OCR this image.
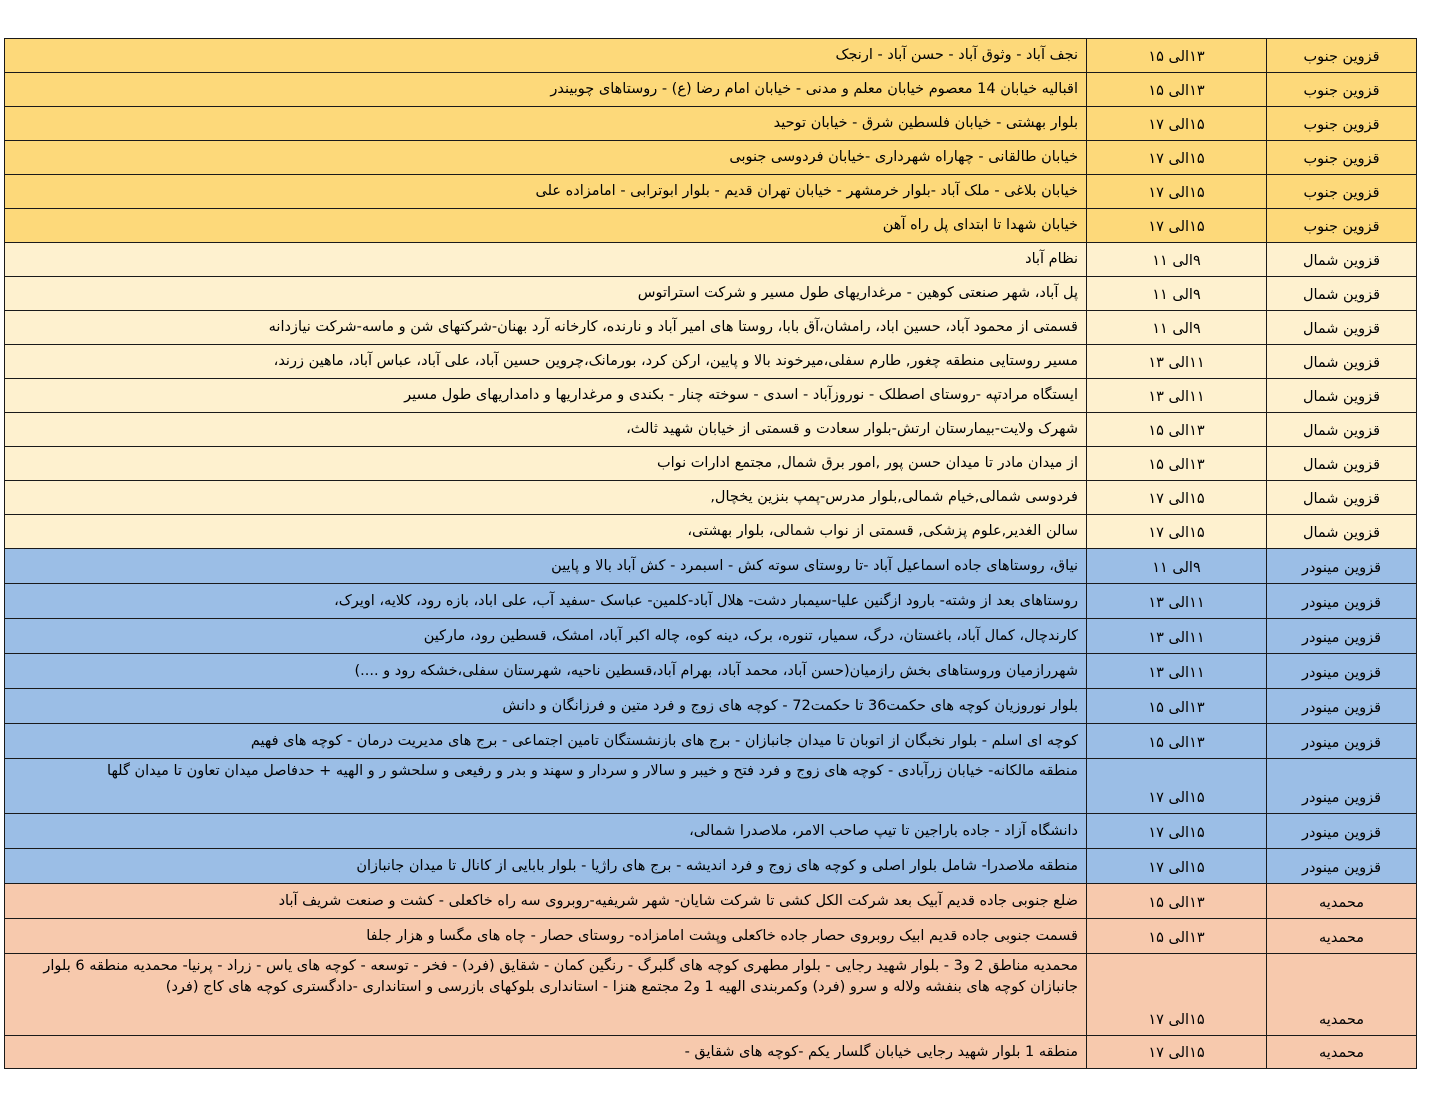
قزوین جنوب	۱۳الی ۱۵	نجف آباد - وثوق آباد - حسن آباد - ارنجک
قزوین جنوب	۱۳الی ۱۵	اقبالیه خیابان 14 معصوم خیابان معلم و مدنی - خیابان امام رضا (ع) - روستاهای چوبیندر
قزوین جنوب	۱۵الی ۱۷	بلوار بهشتی - خیابان فلسطین شرق - خیابان توحید
قزوین جنوب	۱۵الی ۱۷	خیابان طالقانی - چهاراه شهرداری -خیابان فردوسی جنوبی
قزوین جنوب	۱۵الی ۱۷	خیابان بلاغی - ملک آباد -بلوار خرمشهر - خیابان تهران قدیم - بلوار ابوترابی - امامزاده علی
قزوین جنوب	۱۵الی ۱۷	خیابان شهدا تا ابتدای پل راه آهن
قزوین شمال	۹الی ۱۱	نظام آباد
قزوین شمال	۹الی ۱۱	پل آباد، شهر صنعتی کوهین - مرغداریهای طول مسیر و شرکت استراتوس
قزوین شمال	۹الی ۱۱	قسمتی از محمود آباد، حسین اباد، رامشان،آق بابا، روستا های امیر آباد و نارنده، کارخانه آرد بهنان-شرکتهای شن و ماسه-شرکت نیازدانه
قزوین شمال	۱۱الی ۱۳	مسیر روستایی منطقه چغور, طارم سفلی،میرخوند بالا و پایین، ارکن کرد، بورمانک،چروین حسین آباد، علی آباد، عباس آباد، ماهین زرند،
قزوین شمال	۱۱الی ۱۳	ایستگاه مرادتپه -روستای اصطلک - نوروزآباد - اسدی - سوخته چنار - بکندی و مرغداریها و دامداریهای طول مسیر
قزوین شمال	۱۳الی ۱۵	شهرک ولایت-بیمارستان ارتش-بلوار سعادت و قسمتی از خیابان شهید ثالث،
قزوین شمال	۱۳الی ۱۵	از میدان مادر تا میدان حسن پور ,امور برق شمال, مجتمع ادارات نواب
قزوین شمال	۱۵الی ۱۷	فردوسی شمالی,خیام شمالی,بلوار مدرس-پمپ بنزین یخچال,
قزوین شمال	۱۵الی ۱۷	سالن الغدیر,علوم پزشکی, قسمتی از نواب شمالی، بلوار بهشتی،
قزوین مینودر	۹الی ۱۱	نیاق، روستاهای جاده اسماعیل آباد -تا روستای سوته کش - اسبمرد - کش آباد بالا و پایین
قزوین مینودر	۱۱الی ۱۳	روستاهای بعد از وشته- بارود ازگنین علیا-سیمبار دشت- هلال آباد-کلمین- عباسک -سفید آب، علی اباد، بازه رود، کلایه، اویرک،
قزوین مینودر	۱۱الی ۱۳	کارندچال، کمال آباد، باغستان، درگ، سمیار، تنوره، برک، دینه کوه، چاله اکبر آباد، امشک، قسطین رود، مارکین
قزوین مینودر	۱۱الی ۱۳	شهررازمیان وروستاهای بخش رازمیان(حسن آباد، محمد آباد، بهرام آباد،قسطین ناحیه، شهرستان سفلی،خشکه رود و ....)
قزوین مینودر	۱۳الی ۱۵	بلوار نوروزیان کوچه های حکمت36 تا حکمت72 - کوچه های زوج و فرد متین و فرزانگان و دانش
قزوین مینودر	۱۳الی ۱۵	کوچه ای اسلم - بلوار نخبگان از اتوبان تا میدان جانبازان - برج های بازنشستگان تامین اجتماعی - برج های مدیریت درمان - کوچه های فهیم
قزوین مینودر	۱۵الی ۱۷	منطقه مالکانه- خیابان زرآبادی - کوچه های زوج و فرد فتح و خیبر و سالار و سردار و سهند و بدر و رفیعی و سلحشو ر و الهیه + حدفاصل میدان تعاون تا میدان گلها
قزوین مینودر	۱۵الی ۱۷	دانشگاه آزاد - جاده باراجین تا تیپ صاحب الامر، ملاصدرا شمالی،
قزوین مینودر	۱۵الی ۱۷	منطقه ملاصدرا- شامل بلوار اصلی و کوچه های زوج و فرد اندیشه - برج های راژیا - بلوار بابایی از کانال تا میدان جانبازان
محمدیه	۱۳الی ۱۵	ضلع جنوبی جاده قدیم آبیک بعد شرکت الکل کشی تا شرکت شایان- شهر شریفیه-روبروی سه راه خاکعلی - کشت و صنعت شریف آباد
محمدیه	۱۳الی ۱۵	قسمت جنوبی جاده قدیم ابیک روبروی حصار جاده خاکعلی وپشت امامزاده- روستای حصار - چاه های مگسا و هزار جلفا
محمدیه	۱۵الی ۱۷	محمدیه مناطق 2 و3 - بلوار شهید رجایی - بلوار مطهری کوچه های گلبرگ - رنگین کمان - شقایق (فرد) - فخر - توسعه - کوچه های یاس - زراد - پرنیا- محمدیه منطقه 6 بلوار جانبازان کوچه های بنفشه ولاله و سرو (فرد) وکمربندی الهیه 1 و2 مجتمع هنزا - استانداری بلوکهای بازرسی و استانداری -دادگستری کوچه های کاج (فرد)
محمدیه	۱۵الی ۱۷	منطقه 1 بلوار شهید رجایی خیابان گلسار یکم -کوچه های شقایق -
